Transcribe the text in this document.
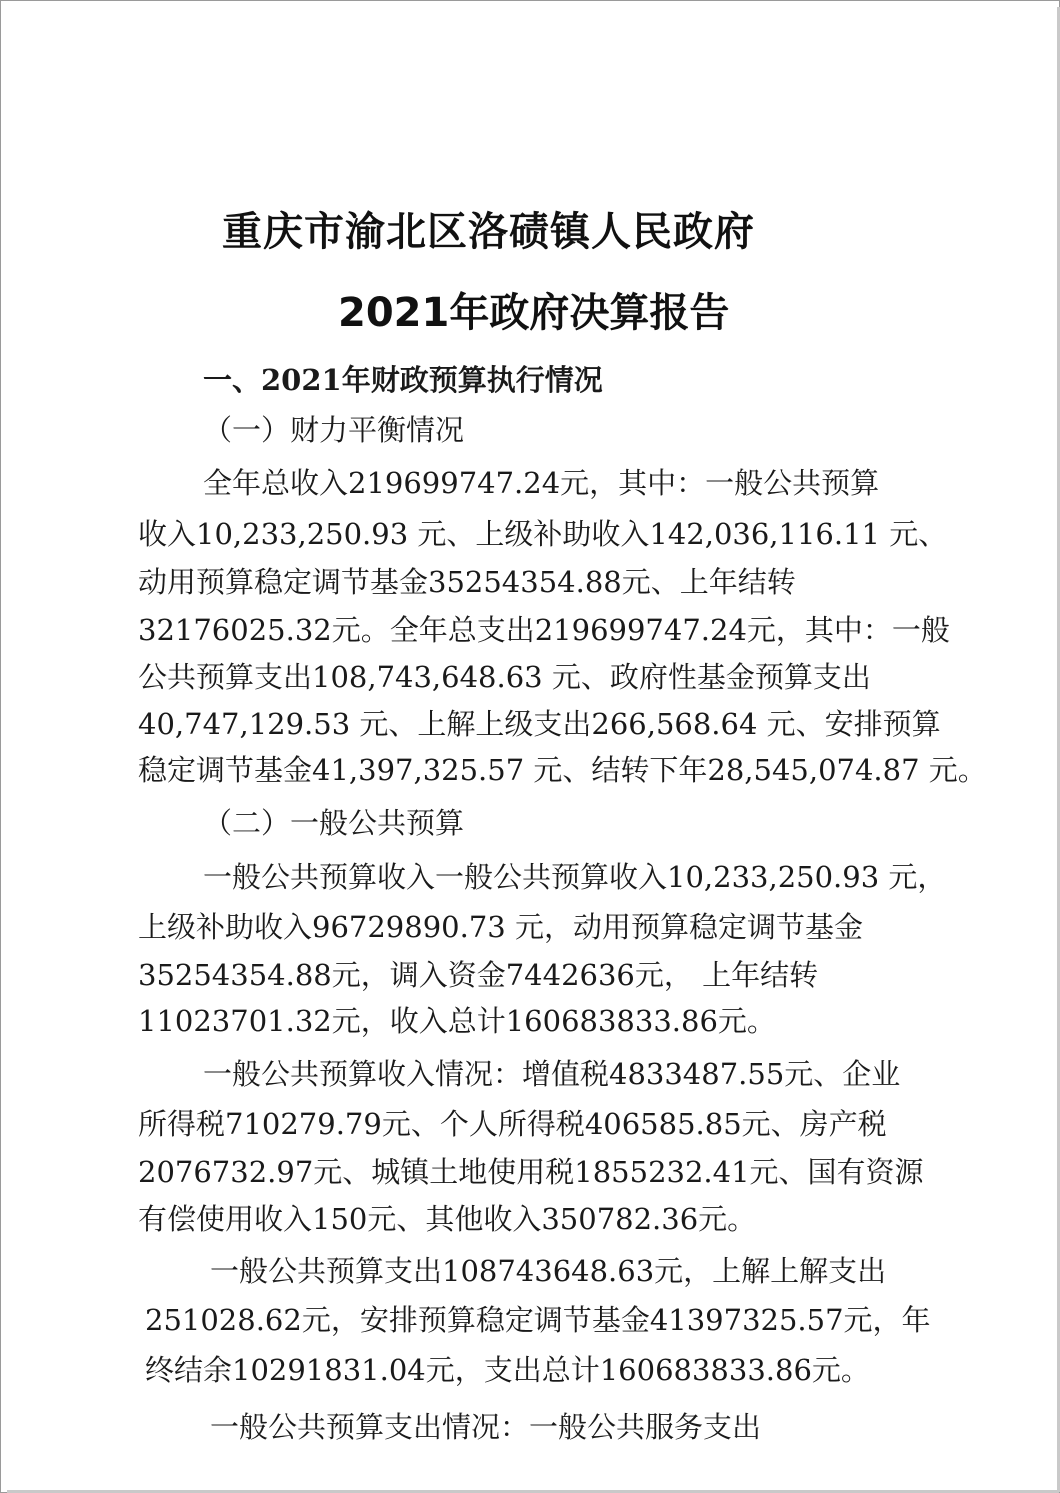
重庆市渝北区洛碛镇人民政府
2021年政府决算报告
一、2021年财政预算执行情况
（一）财力平衡情况
全年总收入219699747.24元，其中：一般公共预算
收入10,233,250.93 元、上级补助收入142,036,116.11 元、
动用预算稳定调节基金35254354.88元、上年结转
32176025.32元。全年总支出219699747.24元，其中：一般
公共预算支出108,743,648.63 元、政府性基金预算支出
40,747,129.53 元、上解上级支出266,568.64 元、安排预算
稳定调节基金41,397,325.57 元、结转下年28,545,074.87 元。
（二）一般公共预算
一般公共预算收入一般公共预算收入10,233,250.93 元，
上级补助收入96729890.73 元，动用预算稳定调节基金
35254354.88元，调入资金7442636元， 上年结转
11023701.32元，收入总计160683833.86元。
一般公共预算收入情况：增值税4833487.55元、企业
所得税710279.79元、个人所得税406585.85元、房产税
2076732.97元、城镇土地使用税1855232.41元、国有资源
有偿使用收入150元、其他收入350782.36元。
一般公共预算支出108743648.63元，上解上解支出
251028.62元，安排预算稳定调节基金41397325.57元，年
终结余10291831.04元，支出总计160683833.86元。
一般公共预算支出情况：一般公共服务支出
